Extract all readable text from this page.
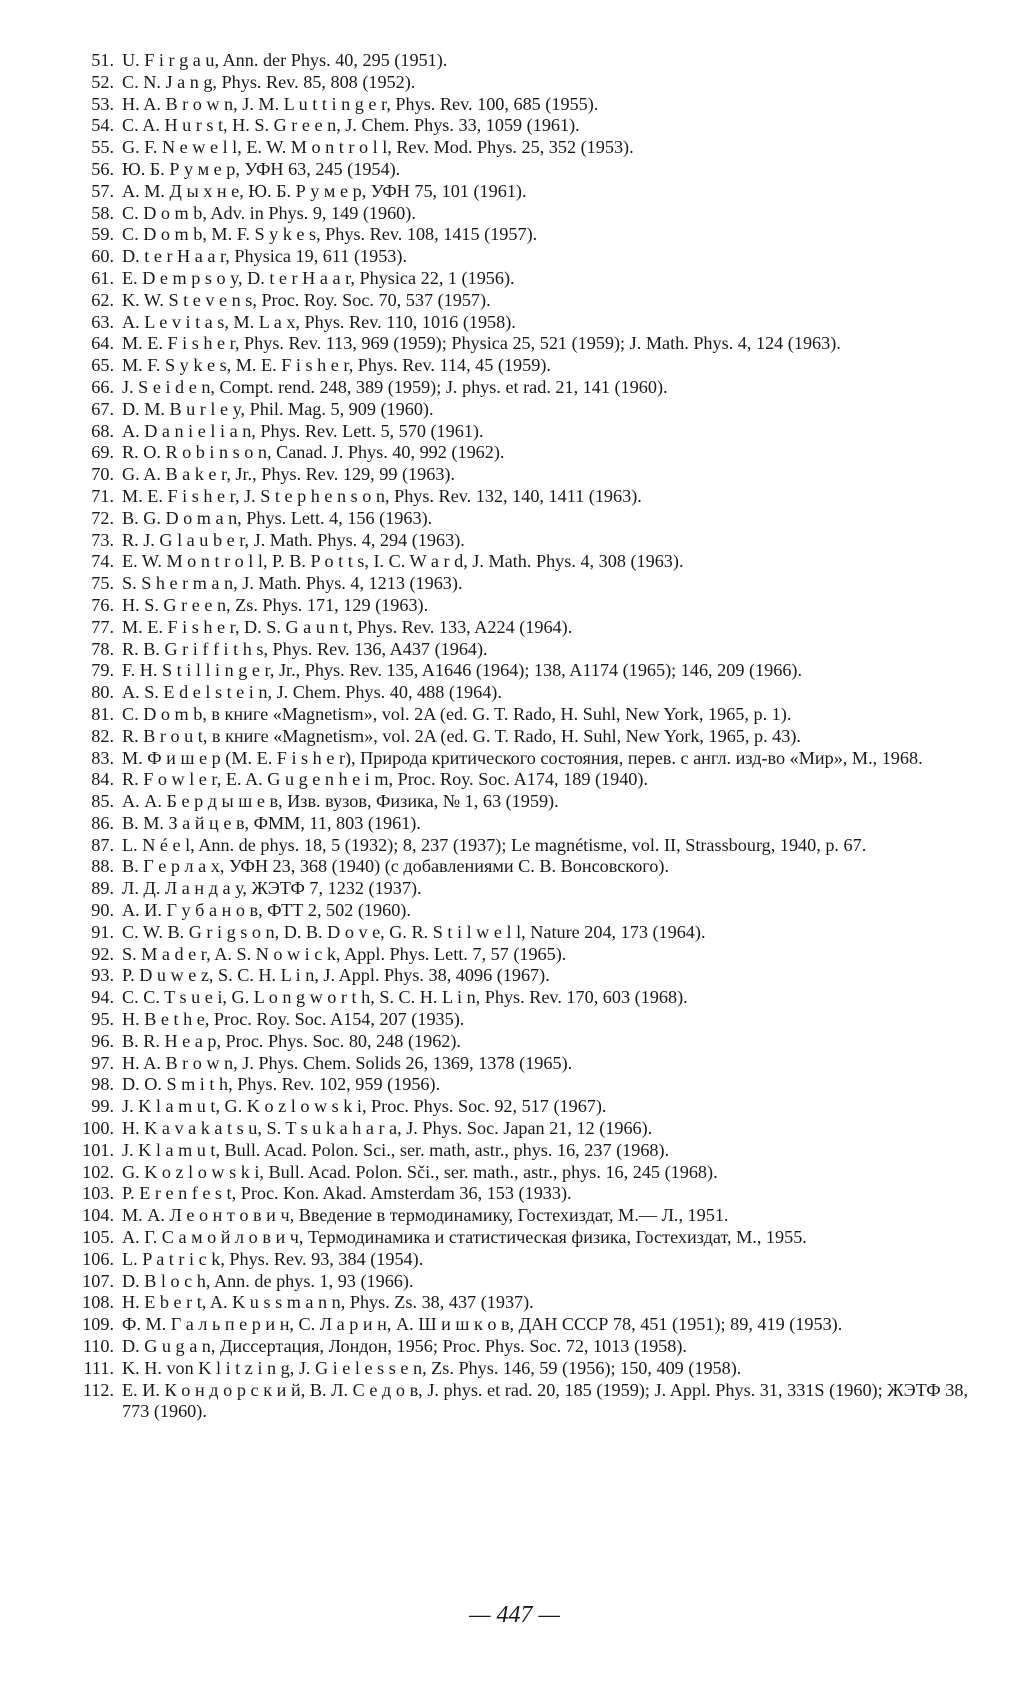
51. U. F i r g a u, Ann. der Phys. 40, 295 (1951).
52. C. N. J a n g, Phys. Rev. 85, 808 (1952).
53. H. A. B r o w n, J. M. L u t t i n g e r, Phys. Rev. 100, 685 (1955).
54. C. A. H u r s t, H. S. G r e e n, J. Chem. Phys. 33, 1059 (1961).
55. G. F. N e w e l l, E. W. M o n t r o l l, Rev. Mod. Phys. 25, 352 (1953).
56. Ю. Б. Р у м е р, УФН 63, 245 (1954).
57. А. М. Д ы х н е, Ю. Б. Р у м е р, УФН 75, 101 (1961).
58. C. D o m b, Adv. in Phys. 9, 149 (1960).
59. C. D o m b, M. F. S y k e s, Phys. Rev. 108, 1415 (1957).
60. D. t e r H a a r, Physica 19, 611 (1953).
61. E. D e m p s o y, D. t e r H a a r, Physica 22, 1 (1956).
62. K. W. S t e v e n s, Proc. Roy. Soc. 70, 537 (1957).
63. A. L e v i t a s, M. L a x, Phys. Rev. 110, 1016 (1958).
64. M. E. F i s h e r, Phys. Rev. 113, 969 (1959); Physica 25, 521 (1959); J. Math. Phys. 4, 124 (1963).
65. M. F. S y k e s, M. E. F i s h e r, Phys. Rev. 114, 45 (1959).
66. J. S e i d e n, Compt. rend. 248, 389 (1959); J. phys. et rad. 21, 141 (1960).
67. D. M. B u r l e y, Phil. Mag. 5, 909 (1960).
68. A. D a n i e l i a n, Phys. Rev. Lett. 5, 570 (1961).
69. R. O. R o b i n s o n, Canad. J. Phys. 40, 992 (1962).
70. G. A. B a k e r, Jr., Phys. Rev. 129, 99 (1963).
71. M. E. F i s h e r, J. S t e p h e n s o n, Phys. Rev. 132, 140, 1411 (1963).
72. B. G. D o m a n, Phys. Lett. 4, 156 (1963).
73. R. J. G l a u b e r, J. Math. Phys. 4, 294 (1963).
74. E. W. M o n t r o l l, P. B. P o t t s, I. C. W a r d, J. Math. Phys. 4, 308 (1963).
75. S. S h e r m a n, J. Math. Phys. 4, 1213 (1963).
76. H. S. G r e e n, Zs. Phys. 171, 129 (1963).
77. M. E. F i s h e r, D. S. G a u n t, Phys. Rev. 133, A224 (1964).
78. R. B. G r i f f i t h s, Phys. Rev. 136, A437 (1964).
79. F. H. S t i l l i n g e r, Jr., Phys. Rev. 135, A1646 (1964); 138, A1174 (1965); 146, 209 (1966).
80. A. S. E d e l s t e i n, J. Chem. Phys. 40, 488 (1964).
81. C. D o m b, в книге «Magnetism», vol. 2A (ed. G. T. Rado, H. Suhl, New York, 1965, p. 1).
82. R. B r o u t, в книге «Magnetism», vol. 2A (ed. G. T. Rado, H. Suhl, New York, 1965, p. 43).
83. М. Ф и ш е р (M. E. F i s h e r), Природа критического состояния, перев. с англ. изд-во «Мир», М., 1968.
84. R. F o w l e r, E. A. G u g e n h e i m, Proc. Roy. Soc. A174, 189 (1940).
85. А. А. Б е р д ы ш е в, Изв. вузов, Физика, № 1, 63 (1959).
86. В. М. З а й ц е в, ФММ, 11, 803 (1961).
87. L. N é e l, Ann. de phys. 18, 5 (1932); 8, 237 (1937); Le magnétisme, vol. II, Strassbourg, 1940, p. 67.
88. В. Г е р л а х, УФН 23, 368 (1940) (с добавлениями С. В. Вонсовского).
89. Л. Д. Л а н д а у, ЖЭТФ 7, 1232 (1937).
90. А. И. Г у б а н о в, ФТТ 2, 502 (1960).
91. C. W. B. G r i g s o n, D. B. D o v e, G. R. S t i l w e l l, Nature 204, 173 (1964).
92. S. M a d e r, A. S. N o w i c k, Appl. Phys. Lett. 7, 57 (1965).
93. P. D u w e z, S. C. H. L i n, J. Appl. Phys. 38, 4096 (1967).
94. C. C. T s u e i, G. L o n g w o r t h, S. C. H. L i n, Phys. Rev. 170, 603 (1968).
95. H. B e t h e, Proc. Roy. Soc. A154, 207 (1935).
96. B. R. H e a p, Proc. Phys. Soc. 80, 248 (1962).
97. H. A. B r o w n, J. Phys. Chem. Solids 26, 1369, 1378 (1965).
98. D. O. S m i t h, Phys. Rev. 102, 959 (1956).
99. J. K l a m u t, G. K o z l o w s k i, Proc. Phys. Soc. 92, 517 (1967).
100. H. K a v a k a t s u, S. T s u k a h a r a, J. Phys. Soc. Japan 21, 12 (1966).
101. J. K l a m u t, Bull. Acad. Polon. Sci., ser. math, astr., phys. 16, 237 (1968).
102. G. K o z l o w s k i, Bull. Acad. Polon. Sči., ser. math., astr., phys. 16, 245 (1968).
103. P. E r e n f e s t, Proc. Kon. Akad. Amsterdam 36, 153 (1933).
104. М. А. Л е о н т о в и ч, Введение в термодинамику, Гостехиздат, М.— Л., 1951.
105. А. Г. С а м о й л о в и ч, Термодинамика и статистическая физика, Гостехиздат, М., 1955.
106. L. P a t r i c k, Phys. Rev. 93, 384 (1954).
107. D. B l o c h, Ann. de phys. 1, 93 (1966).
108. H. E b e r t, A. K u s s m a n n, Phys. Zs. 38, 437 (1937).
109. Ф. М. Г а л ь п е р и н, С. Л а р и н, А. Ш и ш к о в, ДАН СССР 78, 451 (1951); 89, 419 (1953).
110. D. G u g a n, Диссертация, Лондон, 1956; Proc. Phys. Soc. 72, 1013 (1958).
111. K. H. von K l i t z i n g, J. G i e l e s s e n, Zs. Phys. 146, 59 (1956); 150, 409 (1958).
112. Е. И. К о н д о р с к и й, В. Л. С е д о в, J. phys. et rad. 20, 185 (1959); J. Appl. Phys. 31, 331S (1960); ЖЭТФ 38, 773 (1960).
— 447 —
